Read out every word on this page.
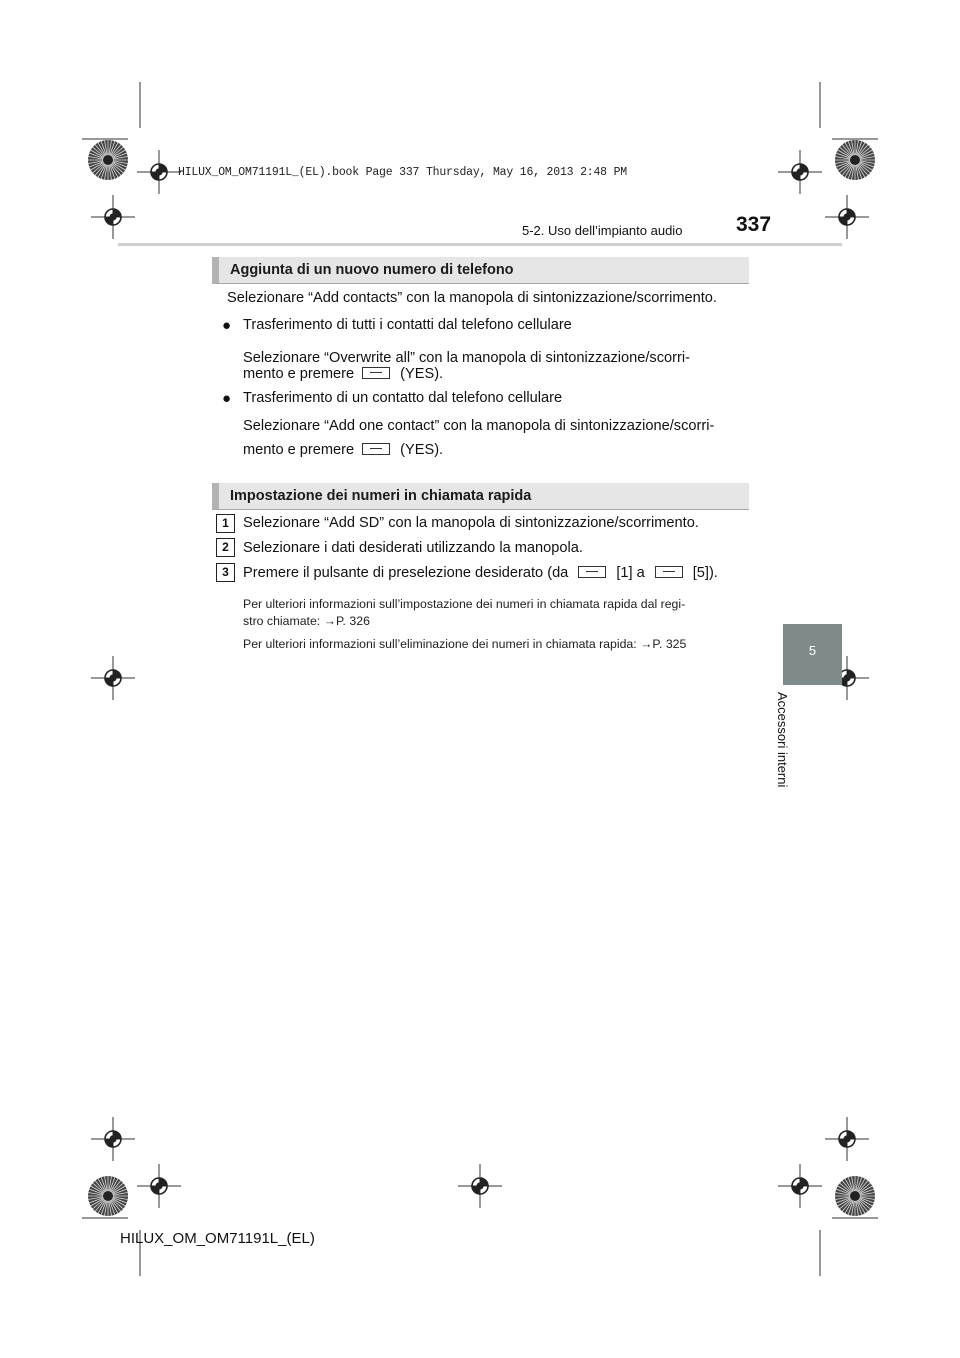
HILUX_OM_OM71191L_(EL).book Page 337 Thursday, May 16, 2013 2:48 PM
5-2. Uso dell’impianto audio	337
5
Accessori interni
Aggiunta di un nuovo numero di telefono
Selezionare “Add contacts” con la manopola di sintonizzazione/scorrimento.
● Trasferimento di tutti i contatti dal telefono cellulare
Selezionare “Overwrite all” con la manopola di sintonizzazione/scorri-
mento e premere	(YES).
● Trasferimento di un contatto dal telefono cellulare
Selezionare “Add one contact” con la manopola di sintonizzazione/scorri-
mento e premere	(YES).
Impostazione dei numeri in chiamata rapida
1 Selezionare “Add SD” con la manopola di sintonizzazione/scorrimento.
2 Selezionare i dati desiderati utilizzando la manopola.
3 Premere il pulsante di preselezione desiderato (da	[1] a	[5]).
Per ulteriori informazioni sull’impostazione dei numeri in chiamata rapida dal regi-
stro chiamate: →P. 326
Per ulteriori informazioni sull’eliminazione dei numeri in chiamata rapida: →P. 325
HILUX_OM_OM71191L_(EL)
